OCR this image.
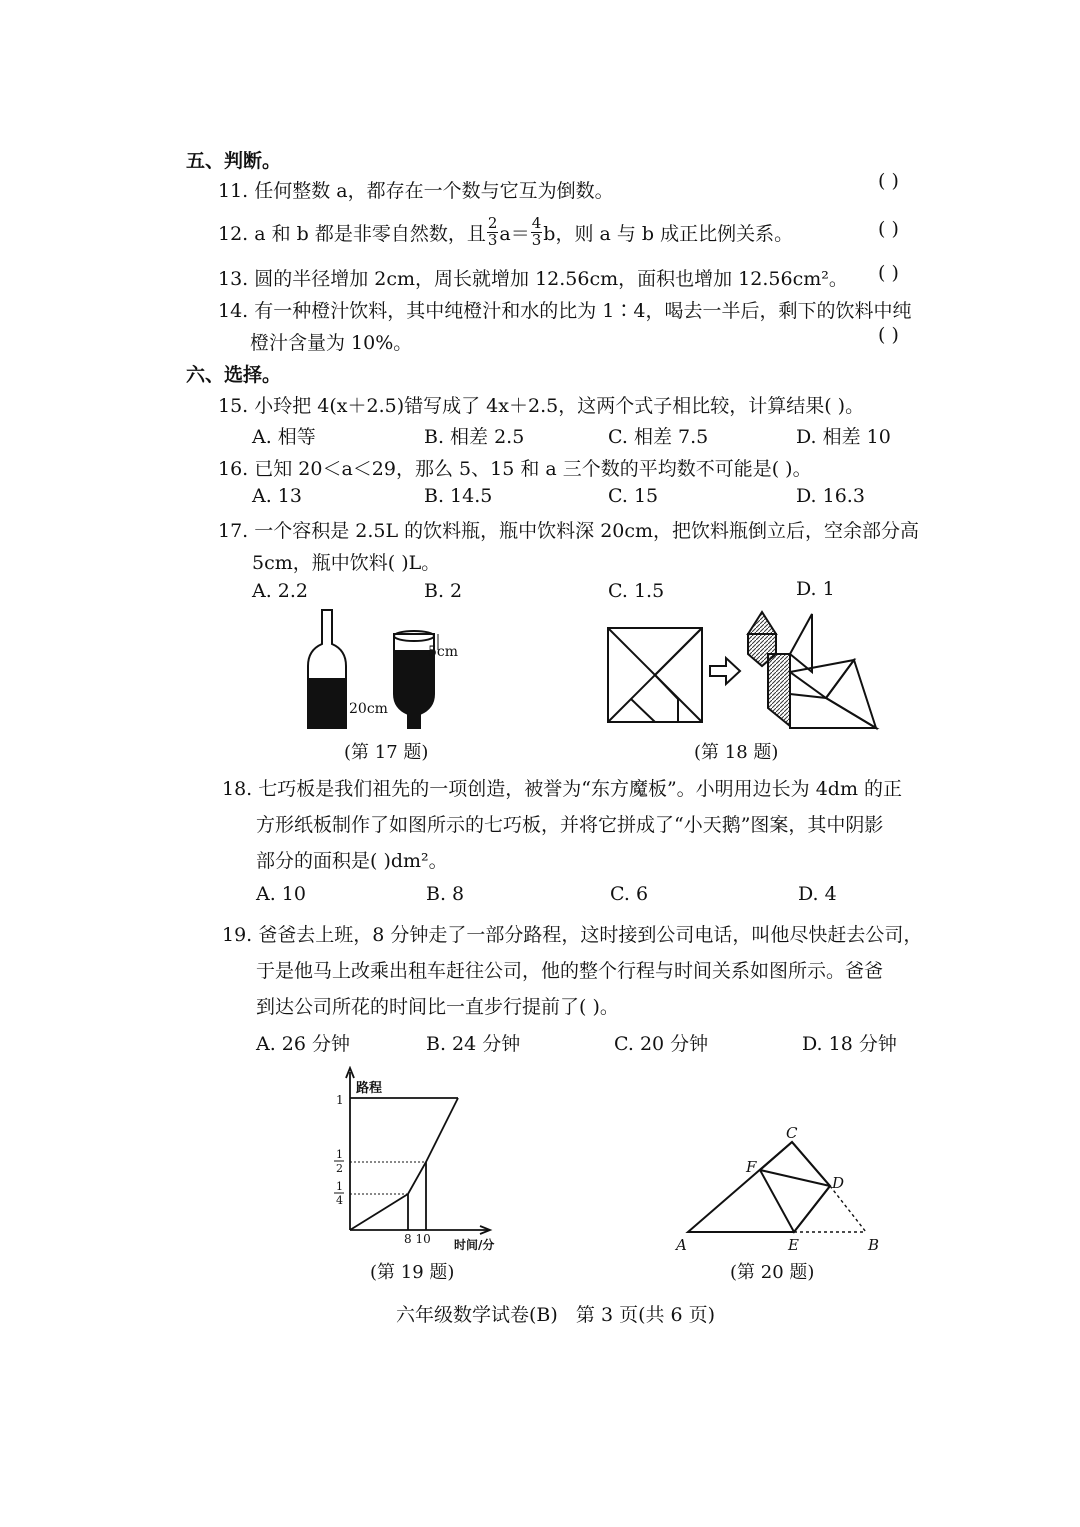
五、判断。
11. 任何整数 a，都存在一个数与它互为倒数。	( )
12. a 和 b 都是非零自然数，且 $\frac{2}{3} a= \frac{4}{3}$ b，则 a 与 b 成正比例关系。	( )
13. 圆的半径增加 2cm，周长就增加 12.56cm，面积也增加 12.56cm²。 ( )
14. 有一种橙汁饮料，其中纯橙汁和水的比为 1∶4，喝去一半后，剩下的饮料中纯
橙汁含量为 10%。	( )
六、选择。
15. 小玲把 4(x＋2.5)错写成了 4x＋2.5，这两个式子相比较，计算结果( )。
A. 相等	B. 相差 2.5	C. 相差 7.5	D. 相差 10
16. 已知 20＜a＜29，那么 5、15 和 a 三个数的平均数不可能是( )。
A. 13	B. 14.5	C. 15	D. 16.3
17. 一个容积是 2.5L 的饮料瓶，瓶中饮料深 20cm，把饮料瓶倒立后，空余部分高
5cm，瓶中饮料( )L。
A. 2.2	B. 2	C. 1.5	D. 1
5cm
20cm
(第 17 题)	(第 18 题)
18. 七巧板是我们祖先的一项创造，被誉为“东方魔板”。小明用边长为 4dm 的正
方形纸板制作了如图所示的七巧板，并将它拼成了“小天鹅”图案，其中阴影
部分的面积是( )dm²。
A. 10	B. 8	C. 6	D. 4
19. 爸爸去上班，8 分钟走了一部分路程，这时接到公司电话，叫他尽快赶去公司，
于是他马上改乘出租车赶往公司，他的整个行程与时间关系如图所示。爸爸
到达公司所花的时间比一直步行提前了( )。
A. 26 分钟	B. 24 分钟	C. 20 分钟	D. 18 分钟
路程
1
1
2
1
4
8 10 时间/分
(第 19 题)
A	B
C
D
E
F
(第 20 题)
六年级数学试卷(B)   第 3 页(共 6 页)
